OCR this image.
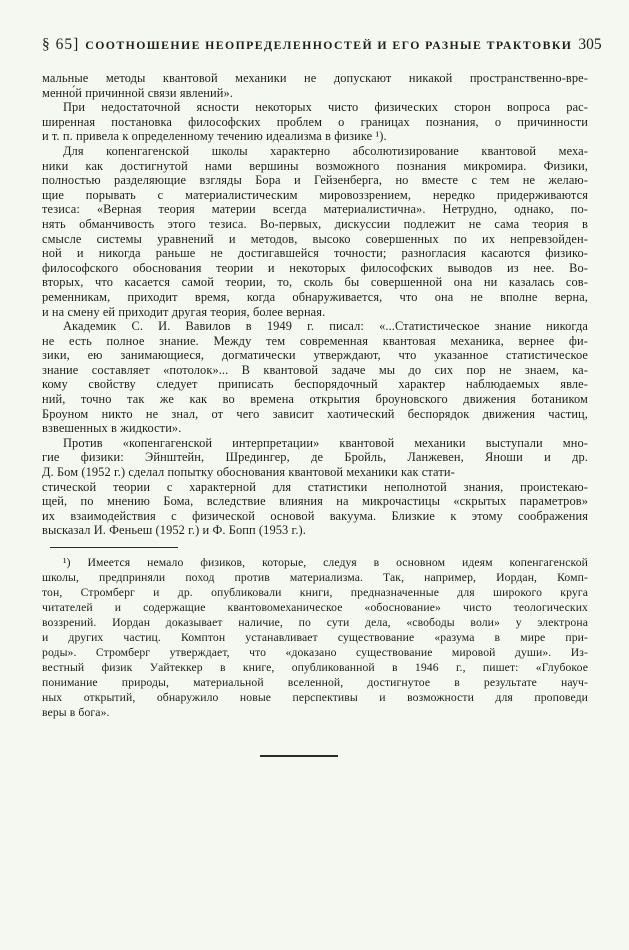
§ 65] СООТНОШЕНИЕ НЕОПРЕДЕЛЕННОСТЕЙ И ЕГО РАЗНЫЕ ТРАКТОВКИ 305
мальные методы квантовой механики не допускают никакой пространственно-вре-
менно́й причинной связи явлений».
При недостаточной ясности некоторых чисто физических сторон вопроса рас-
ширенная постановка философских проблем о границах познания, о причинности
и т. п. привела к определенному течению идеализма в физике ¹).
Для копенгагенской школы характерно абсолютизирование квантовой меха-
ники как достигнутой нами вершины возможного познания микромира. Физики,
полностью разделяющие взгляды Бора и Гейзенберга, но вместе с тем не желаю-
щие порывать с материалистическим мировоззрением, нередко придерживаются
тезиса: «Верная теория материи всегда материалистична». Нетрудно, однако, по-
нять обманчивость этого тезиса. Во-первых, дискуссии подлежит не сама теория в
смысле системы уравнений и методов, высоко совершенных по их непревзойден-
ной и никогда раньше не достигавшейся точности; разногласия касаются физико-
философского обоснования теории и некоторых философских выводов из нее. Во-
вторых, что касается самой теории, то, сколь бы совершенной она ни казалась сов-
ременникам, приходит время, когда обнаруживается, что она не вполне верна,
и на смену ей приходит другая теория, более верная.
Академик С. И. Вавилов в 1949 г. писал: «...Статистическое знание никогда
не есть полное знание. Между тем современная квантовая механика, вернее фи-
зики, ею занимающиеся, догматически утверждают, что указанное статистическое
знание составляет «потолок»... В квантовой задаче мы до сих пор не знаем, ка-
кому свойству следует приписать беспорядочный характер наблюдаемых явле-
ний, точно так же как во времена открытия броуновского движения ботаником
Броуном никто не знал, от чего зависит хаотический беспорядок движения частиц,
взвешенных в жидкости».
Против «копенгагенской интерпретации» квантовой механики выступали мно-
гие физики: Эйнштейн, Шредингер, де Бройль, Ланжевен, Яноши и др.
Д. Бом (1952 г.) сделал попытку обоснования квантовой механики как стати-
стической теории с характерной для статистики неполнотой знания, проистекаю-
щей, по мнению Бома, вследствие влияния на микрочастицы «скрытых параметров»
их взаимодействия с физической основой вакуума. Близкие к этому соображения
высказал И. Феньеш (1952 г.) и Ф. Бопп (1953 г.).
¹) Имеется немало физиков, которые, следуя в основном идеям копенгагенской
школы, предприняли поход против материализма. Так, например, Иордан, Комп-
тон, Стромберг и др. опубликовали книги, предназначенные для широкого круга
читателей и содержащие квантовомеханическое «обоснование» чисто теологических
воззрений. Иордан доказывает наличие, по сути дела, «свободы воли» у электрона
и других частиц. Комптон устанавливает существование «разума в мире при-
роды». Стромберг утверждает, что «доказано существование мировой души». Из-
вестный физик Уайтеккер в книге, опубликованной в 1946 г., пишет: «Глубокое
понимание природы, материальной вселенной, достигнутое в результате науч-
ных открытий, обнаружило новые перспективы и возможности для проповеди
веры в бога».
